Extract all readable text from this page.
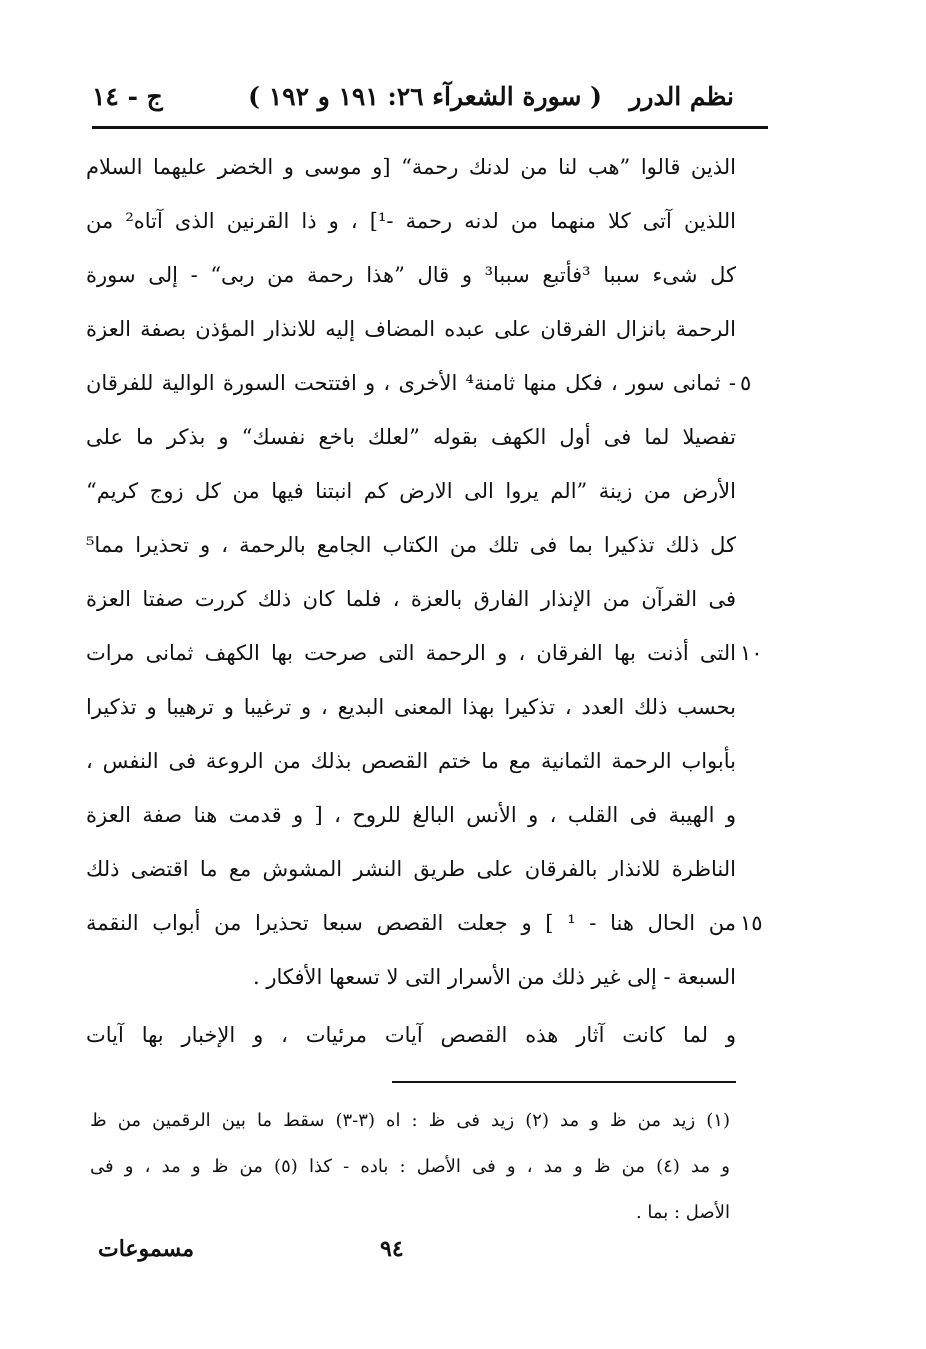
نظم الدرر
( سورة الشعرآء ٢٦: ١٩١ و ١٩٢ )
ج - ١٤
الذين قالوا ”هب لنا من لدنك رحمة“ [و موسى و الخضر عليهما السلام
اللذين آتى كلا منهما من لدنه رحمة -¹] ، و ذا القرنين الذى آتاه² من
كل شىء سببا ³فأتبع سببا³ و قال ”هذا رحمة من ربى“ - إلى سورة
الرحمة بانزال الفرقان على عبده المضاف إليه للانذار المؤذن بصفة العزة
- ثمانى سور ، فكل منها ثامنة⁴ الأخرى ، و افتتحت السورة الوالية للفرقان
تفصيلا لما فى أول الكهف بقوله ”لعلك باخع نفسك“ و بذكر ما على
الأرض من زينة ”الم يروا الى الارض كم انبتنا فيها من كل زوج كريم“
كل ذلك تذكيرا بما فى تلك من الكتاب الجامع بالرحمة ، و تحذيرا مما⁵
فى القرآن من الإنذار الفارق بالعزة ، فلما كان ذلك كررت صفتا العزة
التى أذنت بها الفرقان ، و الرحمة التى صرحت بها الكهف ثمانى مرات
بحسب ذلك العدد ، تذكيرا بهذا المعنى البديع ، و ترغيبا و ترهيبا و تذكيرا
بأبواب الرحمة الثمانية مع ما ختم القصص بذلك من الروعة فى النفس ،
و الهيبة فى القلب ، و الأنس البالغ للروح ، [ و قدمت هنا صفة العزة
الناظرة للانذار بالفرقان على طريق النشر المشوش مع ما اقتضى ذلك
من الحال هنا - ¹ ] و جعلت القصص سبعا تحذيرا من أبواب النقمة
السبعة - إلى غير ذلك من الأسرار التى لا تسعها الأفكار .
و لما كانت آثار هذه القصص آيات مرئيات ، و الإخبار بها آيات
٥
١٠
١٥
(١) زيد من ظ و مد (٢) زيد فى ظ : اه (٣-٣) سقط ما بين الرقمين من ظ
و مد (٤) من ظ و مد ، و فى الأصل : باده - كذا (٥) من ظ و مد ، و فى
الأصل : بما .
٩٤
مسموعات
